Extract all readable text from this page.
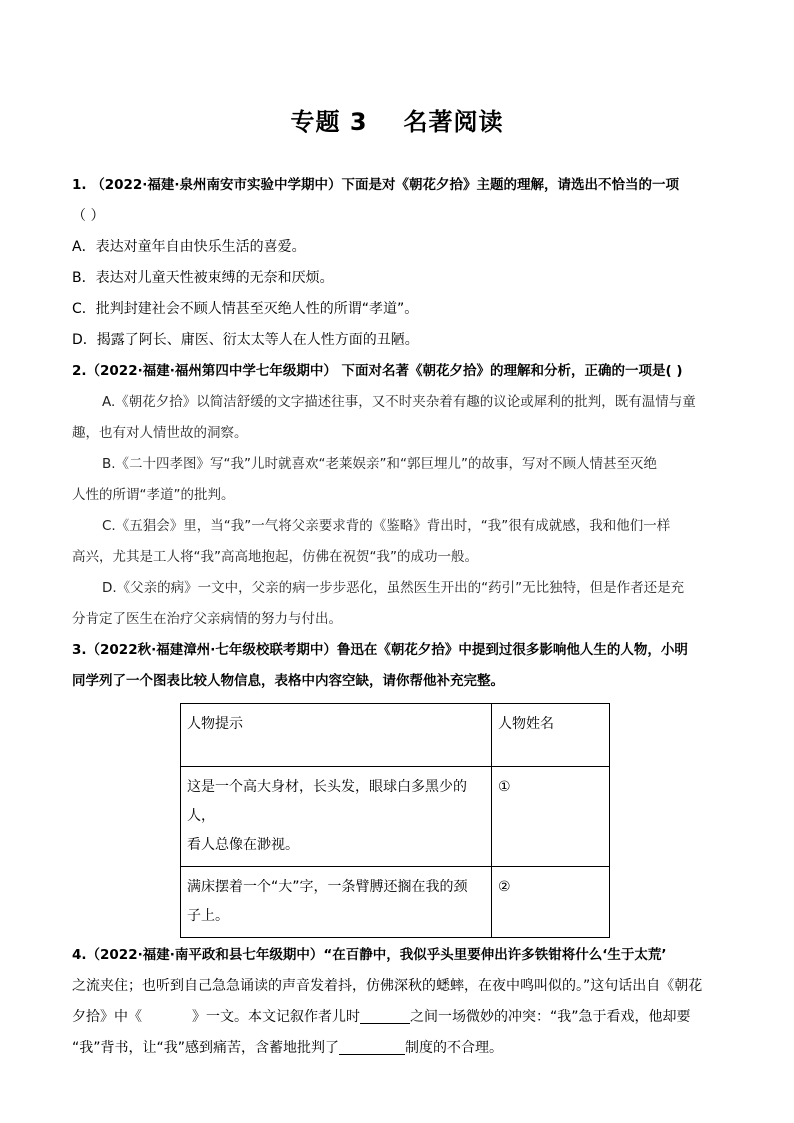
专题 3 名著阅读
1. （2022·福建·泉州南安市实验中学期中）下面是对《朝花夕拾》主题的理解，请选出不恰当的一项
（ ）
A．表达对童年自由快乐生活的喜爱。
B．表达对儿童天性被束缚的无奈和厌烦。
C．批判封建社会不顾人情甚至灭绝人性的所谓“孝道”。
D．揭露了阿长、庸医、衍太太等人在人性方面的丑陋。
2.（2022·福建·福州第四中学七年级期中） 下面对名著《朝花夕拾》的理解和分析，正确的一项是( )
A.《朝花夕拾》以简洁舒缓的文字描述往事，又不时夹杂着有趣的议论或犀利的批判，既有温情与童
趣，也有对人情世故的洞察。
B.《二十四孝图》写“我”儿时就喜欢“老莱娱亲”和“郭巨埋儿”的故事，写对不顾人情甚至灭绝
人性的所谓“孝道”的批判。
C.《五猖会》里，当“我”一气将父亲要求背的《鉴略》背出时，“我”很有成就感，我和他们一样
高兴，尤其是工人将“我”高高地抱起，仿佛在祝贺“我”的成功一般。
D.《父亲的病》一文中，父亲的病一步步恶化，虽然医生开出的“药引”无比独特，但是作者还是充
分肯定了医生在治疗父亲病情的努力与付出。
3.（2022秋·福建漳州·七年级校联考期中）鲁迅在《朝花夕拾》中提到过很多影响他人生的人物，小明
同学列了一个图表比较人物信息，表格中内容空缺，请你帮他补充完整。
人物提示	人物姓名

这是一个高大身材，长头发，眼球白多黑少的人，
看人总像在渺视。	①

满床摆着一个“大”字，一条臂膊还搁在我的颈
子上。	②
4.（2022·福建·南平政和县七年级期中）“在百静中，我似乎头里要伸出许多铁钳将什么‘生于太荒’
之流夹住；也听到自己急急诵读的声音发着抖，仿佛深秋的蟋蟀，在夜中鸣叫似的。”这句话出自《朝花
夕拾》中《	》一文。本文记叙作者儿时	之间一场微妙的冲突：“我”急于看戏，他却要
“我”背书，让“我”感到痛苦，含蓄地批判了	制度的不合理。
